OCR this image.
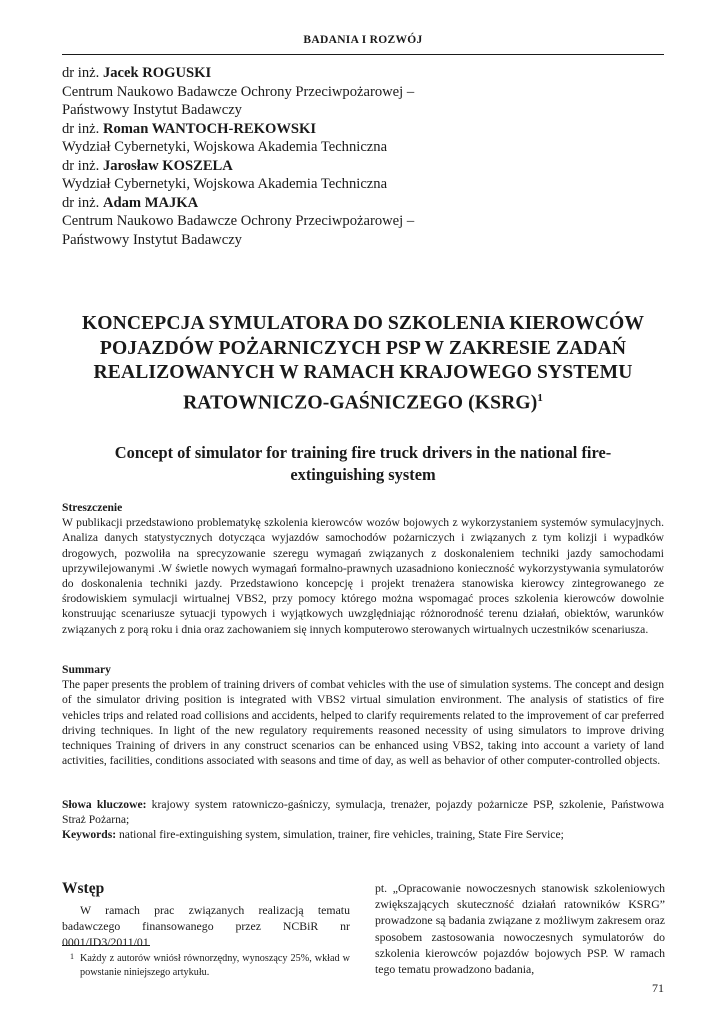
BADANIA I ROZWÓJ
dr inż. Jacek ROGUSKI
Centrum Naukowo Badawcze Ochrony Przeciwpożarowej –
Państwowy Instytut Badawczy
dr inż. Roman WANTOCH-REKOWSKI
Wydział Cybernetyki, Wojskowa Akademia Techniczna
dr inż. Jarosław KOSZELA
Wydział Cybernetyki, Wojskowa Akademia Techniczna
dr inż. Adam MAJKA
Centrum Naukowo Badawcze Ochrony Przeciwpożarowej –
Państwowy Instytut Badawczy
KONCEPCJA SYMULATORA DO SZKOLENIA KIEROWCÓW POJAZDÓW POŻARNICZYCH PSP W ZAKRESIE ZADAŃ REALIZOWANYCH W RAMACH KRAJOWEGO SYSTEMU RATOWNICZO-GAŚNICZEGO (KSRG)$^1$
Concept of simulator for training fire truck drivers in the national fire-extinguishing system
Streszczenie
W publikacji przedstawiono problematykę szkolenia kierowców wozów bojowych z wykorzystaniem systemów symulacyjnych. Analiza danych statystycznych dotycząca wyjazdów samochodów pożarniczych i związanych z tym kolizji i wypadków drogowych, pozwoliła na sprecyzowanie szeregu wymagań związanych z doskonaleniem techniki jazdy samochodami uprzywilejowanymi .W świetle nowych wymagań formalno-prawnych uzasadniono konieczność wykorzystywania symulatorów do doskonalenia techniki jazdy. Przedstawiono koncepcję i projekt trenażera stanowiska kierowcy zintegrowanego ze środowiskiem symulacji wirtualnej VBS2, przy pomocy którego można wspomagać proces szkolenia kierowców dowolnie konstruując scenariusze sytuacji typowych i wyjątkowych uwzględniając różnorodność terenu działań, obiektów, warunków związanych z porą roku i dnia oraz zachowaniem się innych komputerowo sterowanych wirtualnych uczestników scenariusza.
Summary
The paper presents the problem of training drivers of combat vehicles with the use of simulation systems. The concept and design of the simulator driving position is integrated with VBS2 virtual simulation environment. The analysis of statistics of fire vehicles trips and related road collisions and accidents, helped to clarify requirements related to the improvement of car preferred driving techniques. In light of the new regulatory requirements reasoned necessity of using simulators to improve driving techniques Training of drivers in any construct scenarios can be enhanced using VBS2, taking into account a variety of land activities, facilities, conditions associated with seasons and time of day, as well as behavior of other computer-controlled objects.
Słowa kluczowe: krajowy system ratowniczo-gaśniczy, symulacja, trenażer, pojazdy pożarnicze PSP, szkolenie, Państwowa Straż Pożarna;
Keywords: national fire-extinguishing system, simulation, trainer, fire vehicles, training, State Fire Service;
Wstęp
W ramach prac związanych realizacją tematu badawczego finansowanego przez NCBiR nr 0001/ID3/2011/01
1 Każdy z autorów wniósł równorzędny, wynoszący 25%, wkład w powstanie niniejszego artykułu.
pt. „Opracowanie nowoczesnych stanowisk szkoleniowych zwiększających skuteczność działań ratowników KSRG” prowadzone są badania związane z możliwym zakresem oraz sposobem zastosowania nowoczesnych symulatorów do szkolenia kierowców pojazdów bojowych PSP. W ramach tego tematu prowadzono badania,
71
